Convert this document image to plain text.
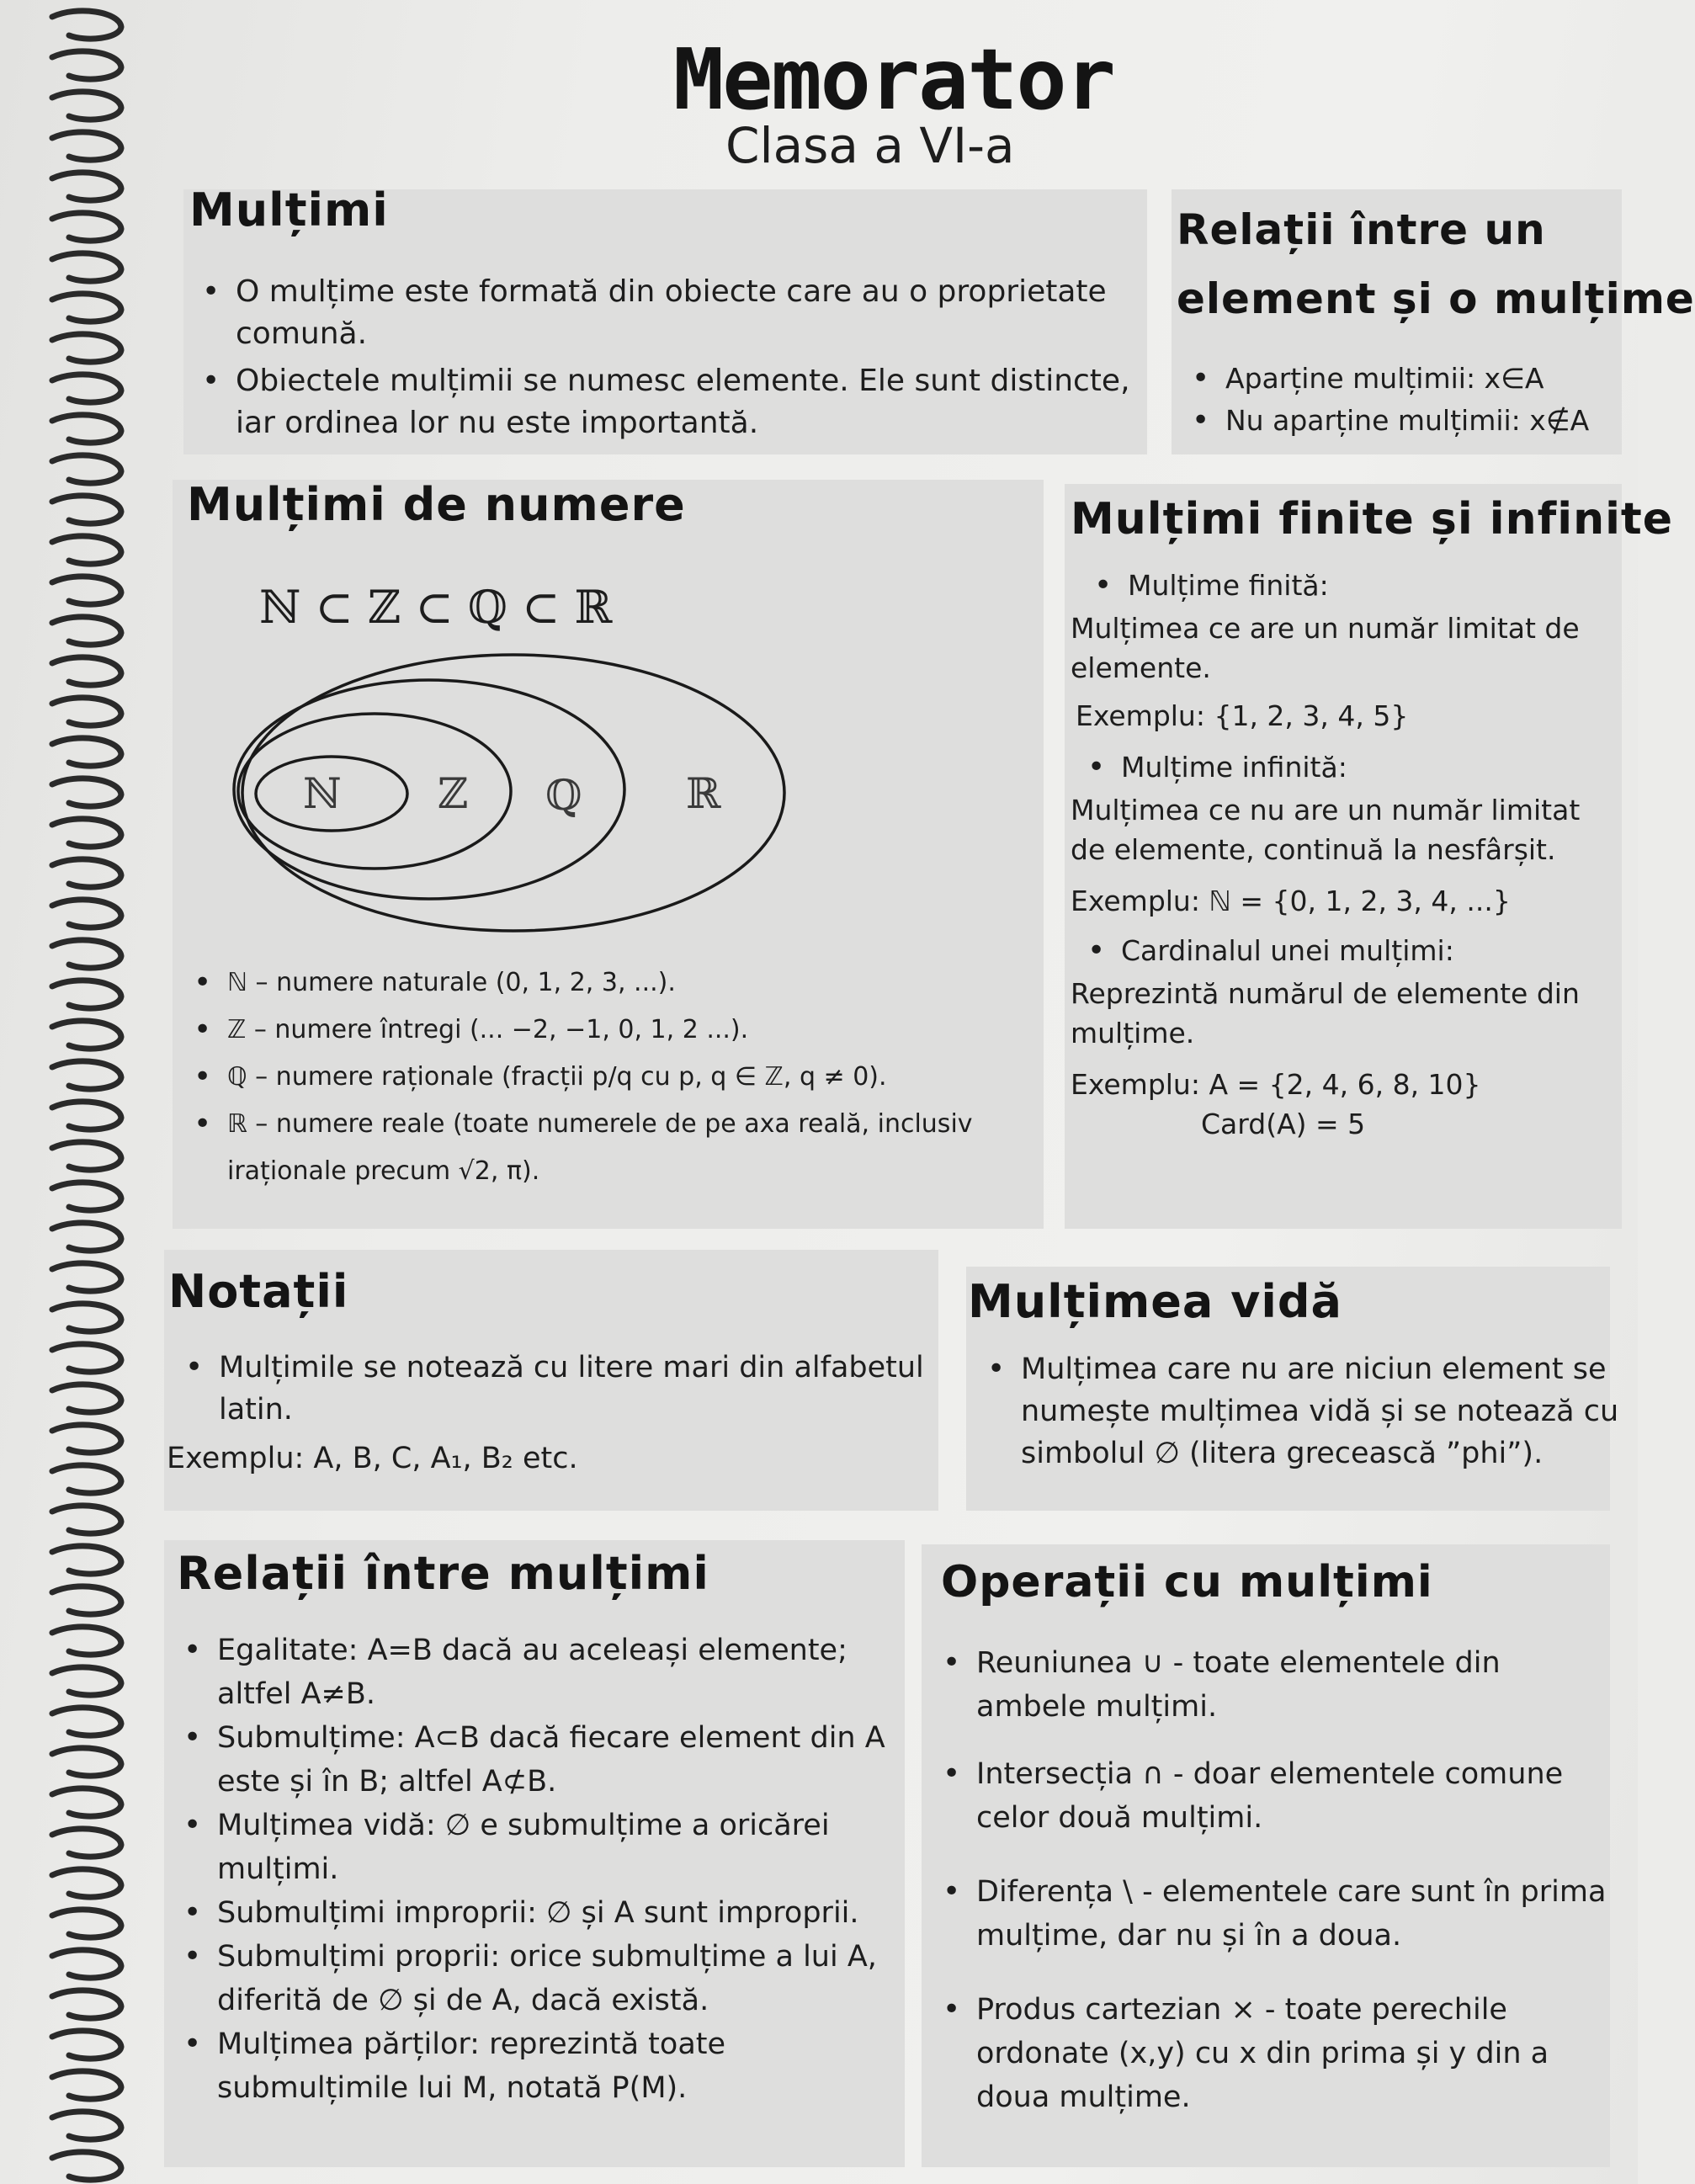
Memorator
Clasa a VI-a
Mulțimi
• O mulțime este formată din obiecte care au o proprietate comună.
• Obiectele mulțimii se numesc elemente. Ele sunt distincte, iar ordinea lor nu este importantă.
Relații între un
element și o mulțime
• Aparține mulțimii: x∈A
• Nu aparține mulțimii: x∉A
Mulțimi de numere
ℕ ⊂ ℤ ⊂ ℚ ⊂ ℝ
ℕ ℤ ℚ ℝ
• ℕ – numere naturale (0, 1, 2, 3, ...).
• ℤ – numere întregi (... −2, −1, 0, 1, 2 ...).
• ℚ – numere raționale (fracții p/q cu p, q ∈ ℤ, q ≠ 0).
• ℝ – numere reale (toate numerele de pe axa reală, inclusiv iraționale precum √2, π).
Mulțimi finite și infinite
• Mulțime finită:
Mulțimea ce are un număr limitat de elemente.
Exemplu: {1, 2, 3, 4, 5}
• Mulțime infinită:
Mulțimea ce nu are un număr limitat de elemente, continuă la nesfârșit.
Exemplu: ℕ = {0, 1, 2, 3, 4, ...}
• Cardinalul unei mulțimi:
Reprezintă numărul de elemente din mulțime.
Exemplu: A = {2, 4, 6, 8, 10}
Card(A) = 5
Notații
• Mulțimile se notează cu litere mari din alfabetul latin.
Exemplu: A, B, C, A₁, B₂ etc.
Mulțimea vidă
• Mulțimea care nu are niciun element se numește mulțimea vidă și se notează cu simbolul ∅ (litera grecească ”phi”).
Relații între mulțimi
• Egalitate: A=B dacă au aceleași elemente; altfel A≠B.
• Submulțime: A⊂B dacă fiecare element din A este și în B; altfel A⊄B.
• Mulțimea vidă: ∅ e submulțime a oricărei mulțimi.
• Submulțimi improprii: ∅ și A sunt improprii.
• Submulțimi proprii: orice submulțime a lui A, diferită de ∅ și de A, dacă există.
• Mulțimea părților: reprezintă toate submulțimile lui M, notată P(M).
Operații cu mulțimi
• Reuniunea ∪ - toate elementele din ambele mulțimi.
• Intersecția ∩ - doar elementele comune celor două mulțimi.
• Diferența \ - elementele care sunt în prima mulțime, dar nu și în a doua.
• Produs cartezian × - toate perechile ordonate (x,y) cu x din prima și y din a doua mulțime.
